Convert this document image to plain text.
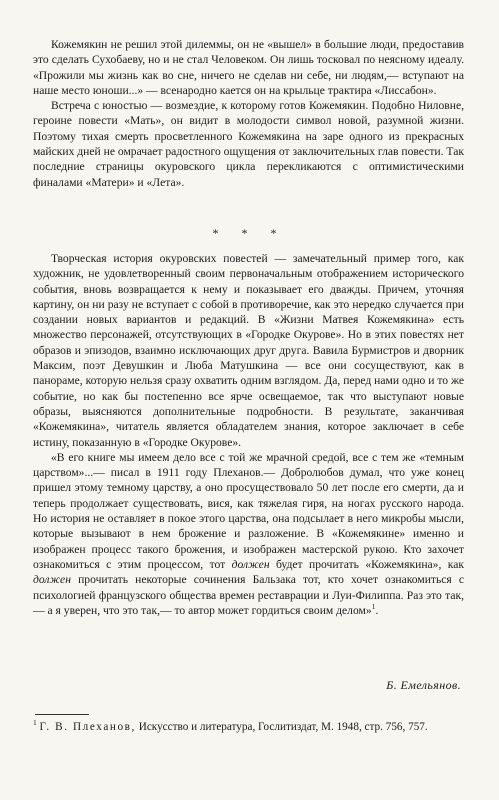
Кожемякин не решил этой дилеммы, он не «вышел» в большие люди, предоставив это сделать Сухобаеву, но и не стал Человеком. Он лишь тосковал по неясному идеалу. «Прожили мы жизнь как во сне, ничего не сделав ни себе, ни людям,— вступают на наше место юноши...» — всенародно кается он на крыльце трактира «Лиссабон».

Встреча с юностью — возмездие, к которому готов Кожемякин. Подобно Ниловне, героине повести «Мать», он видит в молодости символ новой, разумной жизни. Поэтому тихая смерть просветленного Кожемякина на заре одного из прекрасных майских дней не омрачает радостного ощущения от заключительных глав повести. Так последние страницы окуровского цикла перекликаются с оптимистическими финалами «Матери» и «Лета».

* * *

Творческая история окуровских повестей — замечательный пример того, как художник, не удовлетворенный своим первоначальным отображением исторического события, вновь возвращается к нему и показывает его дважды. Причем, уточняя картину, он ни разу не вступает с собой в противоречие, как это нередко случается при создании новых вариантов и редакций. В «Жизни Матвея Кожемякина» есть множество персонажей, отсутствующих в «Городке Окурове». Но в этих повестях нет образов и эпизодов, взаимно исключающих друг друга. Вавила Бурмистров и дворник Максим, поэт Девушкин и Люба Матушкина — все они сосуществуют, как в панораме, которую нельзя сразу охватить одним взглядом. Да, перед нами одно и то же событие, но как бы постепенно все ярче освещаемое, так что выступают новые образы, выясняются дополнительные подробности. В результате, заканчивая «Кожемякина», читатель является обладателем знания, которое заключает в себе истину, показанную в «Городке Окурове».

«В его книге мы имеем дело все с той же мрачной средой, все с тем же «темным царством»...— писал в 1911 году Плеханов.— Добролюбов думал, что уже конец пришел этому темному царству, а оно просуществовало 50 лет после его смерти, да и теперь продолжает существовать, вися, как тяжелая гиря, на ногах русского народа. Но история не оставляет в покое этого царства, она подсылает в него микробы мысли, которые вызывают в нем брожение и разложение. В «Кожемякине» именно и изображен процесс такого брожения, и изображен мастерской рукою. Кто захочет ознакомиться с этим процессом, тот должен будет прочитать «Кожемякина», как должен прочитать некоторые сочинения Бальзака тот, кто хочет ознакомиться с психологией французского общества времен реставрации и Луи-Филиппа. Раз это так,— а я уверен, что это так,— то автор может гордиться своим делом»$^1$.

Б. Емельянов.
$^1$ Г. В. Плеханов, Искусство и литература, Гослитиздат, М. 1948, стр. 756, 757.
